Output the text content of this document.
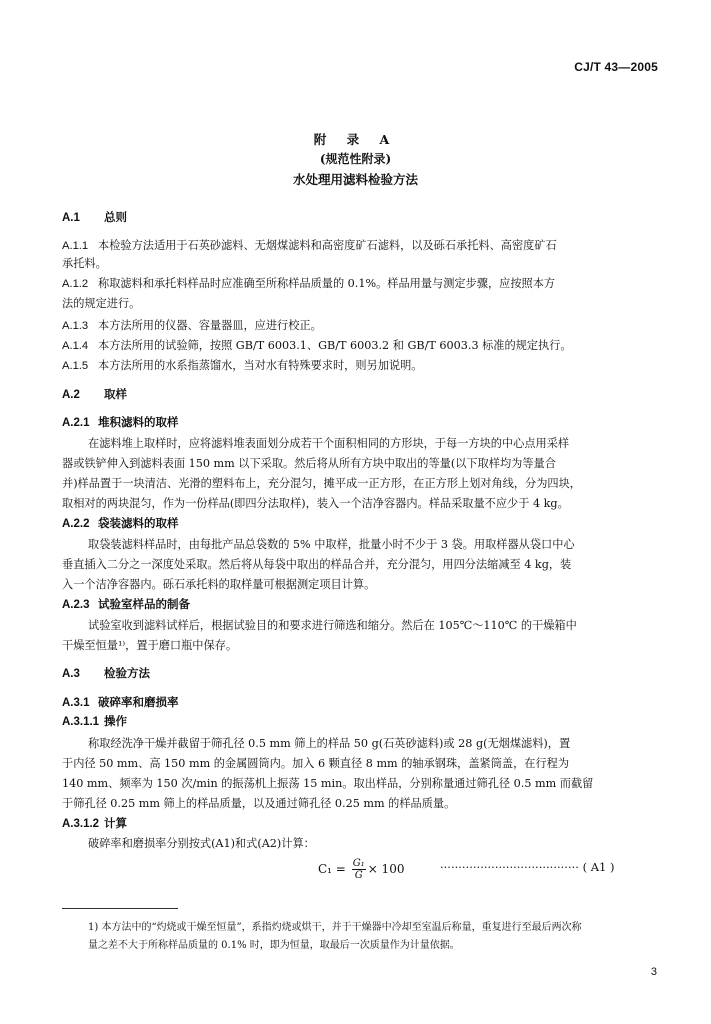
CJ/T 43—2005
附 录 A
(规范性附录)
水处理用滤料检验方法
A.1 总则
A.1.1 本检验方法适用于石英砂滤料、无烟煤滤料和高密度矿石滤料，以及砾石承托料、高密度矿石
承托料。
A.1.2 称取滤料和承托料样品时应准确至所称样品质量的 0.1%。样品用量与测定步骤，应按照本方
法的规定进行。
A.1.3 本方法所用的仪器、容量器皿，应进行校正。
A.1.4 本方法所用的试验筛，按照 GB/T 6003.1、GB/T 6003.2 和 GB/T 6003.3 标准的规定执行。
A.1.5 本方法所用的水系指蒸馏水，当对水有特殊要求时，则另加说明。
A.2 取样
A.2.1 堆积滤料的取样
在滤料堆上取样时，应将滤料堆表面划分成若干个面积相同的方形块，于每一方块的中心点用采样
器或铁铲伸入到滤料表面 150 mm 以下采取。然后将从所有方块中取出的等量(以下取样均为等量合
并)样品置于一块清洁、光滑的塑料布上，充分混匀，摊平成一正方形，在正方形上划对角线，分为四块，
取相对的两块混匀，作为一份样品(即四分法取样)，装入一个洁净容器内。样品采取量不应少于 4 kg。
A.2.2 袋装滤料的取样
取袋装滤料样品时，由每批产品总袋数的 5% 中取样，批量小时不少于 3 袋。用取样器从袋口中心
垂直插入二分之一深度处采取。然后将从每袋中取出的样品合并，充分混匀，用四分法缩减至 4 kg，装
入一个洁净容器内。砾石承托料的取样量可根据测定项目计算。
A.2.3 试验室样品的制备
试验室收到滤料试样后，根据试验目的和要求进行筛选和缩分。然后在 105℃～110℃ 的干燥箱中
干燥至恒量¹⁾，置于磨口瓶中保存。
A.3 检验方法
A.3.1 破碎率和磨损率
A.3.1.1 操作
称取经洗净干燥并截留于筛孔径 0.5 mm 筛上的样品 50 g(石英砂滤料)或 28 g(无烟煤滤料)，置
于内径 50 mm、高 150 mm 的金属圆筒内。加入 6 颗直径 8 mm 的轴承钢珠，盖紧筒盖，在行程为
140 mm、频率为 150 次/min 的振荡机上振荡 15 min。取出样品，分别称量通过筛孔径 0.5 mm 而截留
于筛孔径 0.25 mm 筛上的样品质量，以及通过筛孔径 0.25 mm 的样品质量。
A.3.1.2 计算
破碎率和磨损率分别按式(A1)和式(A2)计算：
$C_1 = \frac{\text{G₁}}{G} \times 100$	······································ ( A1 )
1) 本方法中的“灼烧或干燥至恒量”，系指灼烧或烘干，并于干燥器中冷却至室温后称量，重复进行至最后两次称
量之差不大于所称样品质量的 0.1% 时，即为恒量，取最后一次质量作为计量依据。
3
